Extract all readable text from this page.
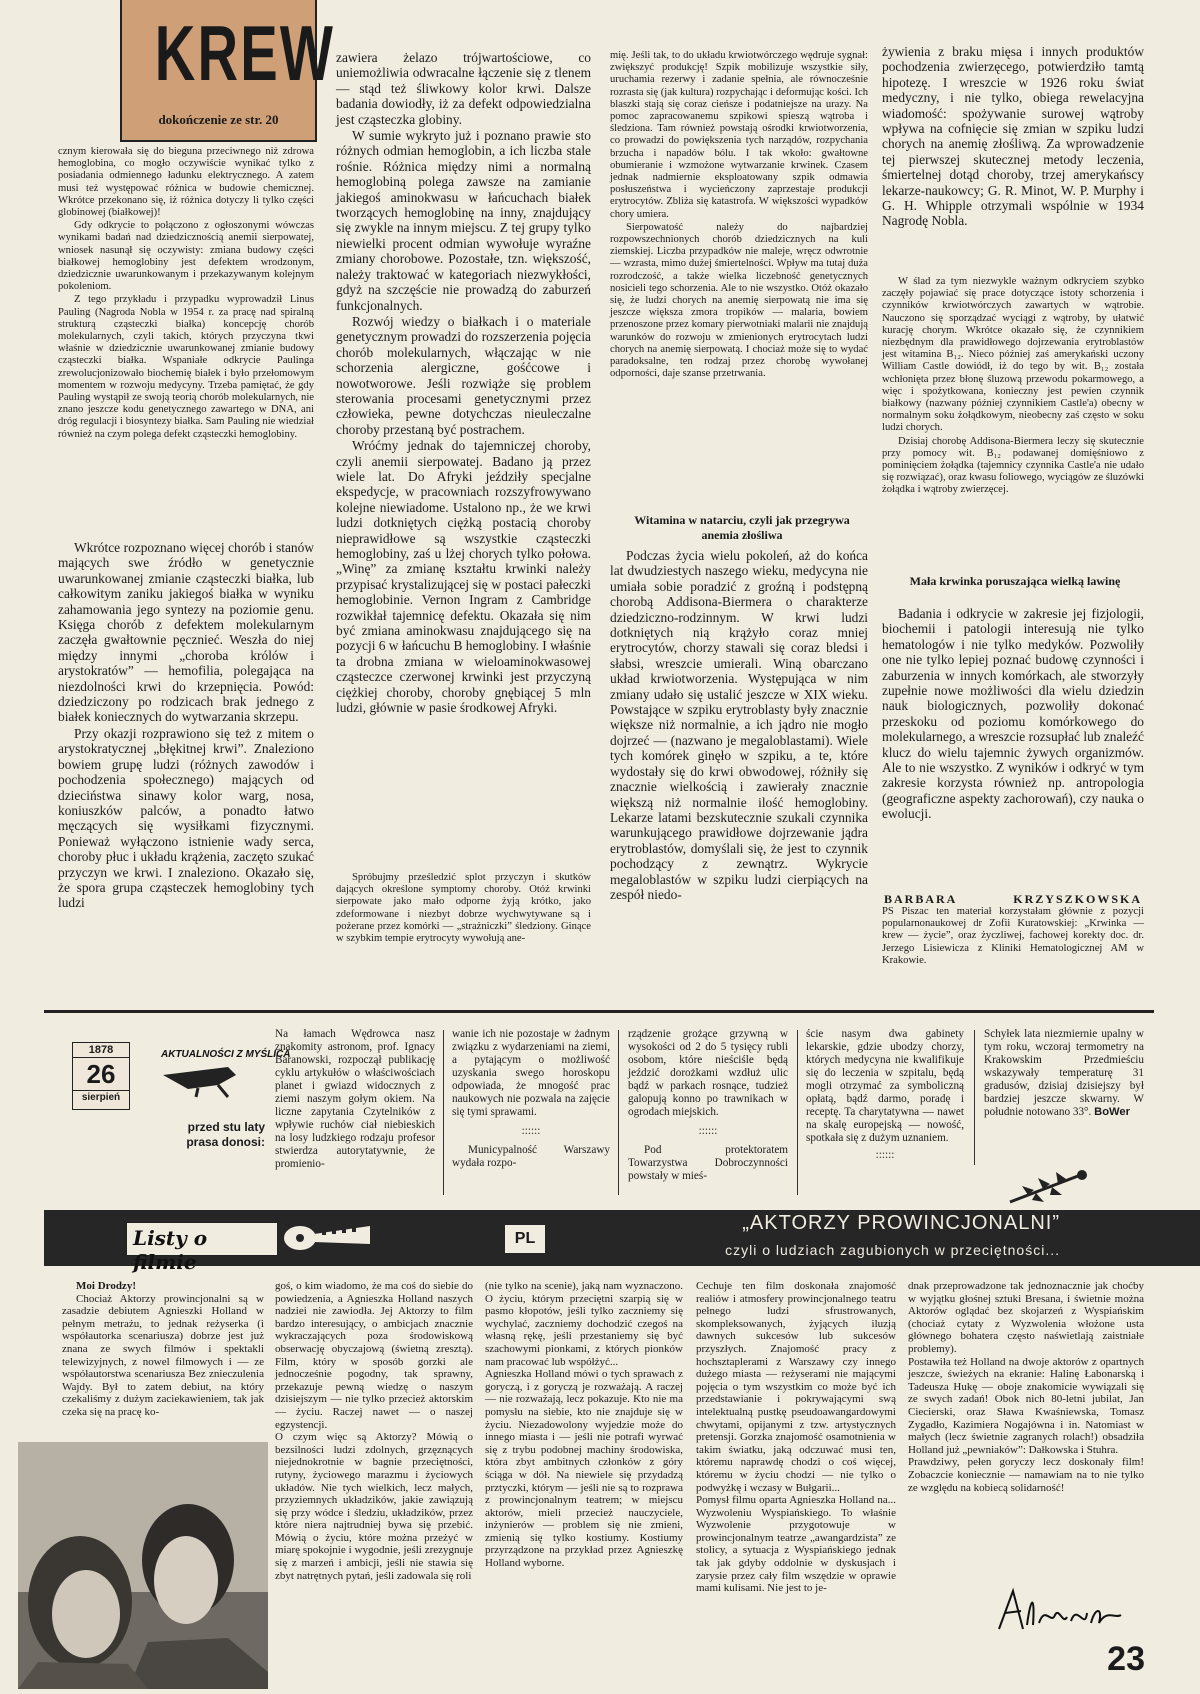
KREW
dokończenie ze str. 20

cznym kierowała się do bieguna przeciwnego niż zdrowa hemoglobina, co mogło oczywiście wynikać tylko z posiadania odmiennego ładunku elektrycznego. A zatem musi też występować różnica w budowie chemicznej. Wkrótce przekonano się, iż różnica dotyczy li tylko części globinowej (białkowej)!

Gdy odkrycie to połączono z ogłoszonymi wówczas wynikami badań nad dziedzicznością anemii sierpowatej, wniosek nasunął się oczywisty: zmiana budowy części białkowej hemoglobiny jest defektem wrodzonym, dziedzicznie uwarunkowanym i przekazywanym kolejnym pokoleniom.

Z tego przykładu i przypadku wyprowadził Linus Pauling (Nagroda Nobla w 1954 r. za pracę nad spiralną strukturą cząsteczki białka) koncepcję chorób molekularnych, czyli takich, których przyczyna tkwi właśnie w dziedzicznie uwarunkowanej zmianie budowy cząsteczki białka. Wspaniałe odkrycie Paulinga zrewolucjonizowało biochemię białek i było przełomowym momentem w rozwoju medycyny. Trzeba pamiętać, że gdy Pauling wystąpił ze swoją teorią chorób molekularnych, nie znano jeszcze kodu genetycznego zawartego w DNA, ani dróg regulacji i biosyntezy białka. Sam Pauling nie wiedział również na czym polega defekt cząsteczki hemoglobiny.

Wkrótce rozpoznano więcej chorób i stanów mających swe źródło w genetycznie uwarunkowanej zmianie cząsteczki białka, lub całkowitym zaniku jakiegoś białka w wyniku zahamowania jego syntezy na poziomie genu. Księga chorób z defektem molekularnym zaczęła gwałtownie pęcznieć. Weszła do niej między innymi „choroba królów i arystokratów” — hemofilia, polegająca na niezdolności krwi do krzepnięcia. Powód: dziedziczony po rodzicach brak jednego z białek koniecznych do wytwarzania skrzepu.

Przy okazji rozprawiono się też z mitem o arystokratycznej „błękitnej krwi”. Znaleziono bowiem grupę ludzi (różnych zawodów i pochodzenia społecznego) mających od dzieciństwa sinawy kolor warg, nosa, koniuszków palców, a ponadto łatwo męczących się wysiłkami fizycznymi. Ponieważ wyłączono istnienie wady serca, choroby płuc i układu krążenia, zaczęto szukać przyczyn we krwi. I znaleziono. Okazało się, że spora grupa cząsteczek hemoglobiny tych ludzi

zawiera żelazo trójwartościowe, co uniemożliwia odwracalne łączenie się z tlenem — stąd też śliwkowy kolor krwi. Dalsze badania dowiodły, iż za defekt odpowiedzialna jest cząsteczka globiny.

W sumie wykryto już i poznano prawie sto różnych odmian hemoglobin, a ich liczba stale rośnie. Różnica między nimi a normalną hemoglobiną polega zawsze na zamianie jakiegoś aminokwasu w łańcuchach białek tworzących hemoglobinę na inny, znajdujący się zwykle na innym miejscu. Z tej grupy tylko niewielki procent odmian wywołuje wyraźne zmiany chorobowe. Pozostałe, tzn. większość, należy traktować w kategoriach niezwykłości, gdyż na szczęście nie prowadzą do zaburzeń funkcjonalnych.

Rozwój wiedzy o białkach i o materiale genetycznym prowadzi do rozszerzenia pojęcia chorób molekularnych, włączając w nie schorzenia alergiczne, gośćcowe i nowotworowe. Jeśli rozwiąże się problem sterowania procesami genetycznymi przez człowieka, pewne dotychczas nieuleczalne choroby przestaną być postrachem.

Wróćmy jednak do tajemniczej choroby, czyli anemii sierpowatej. Badano ją przez wiele lat. Do Afryki jeździły specjalne ekspedycje, w pracowniach rozszyfrowywano kolejne niewiadome. Ustalono np., że we krwi ludzi dotkniętych ciężką postacią choroby nieprawidłowe są wszystkie cząsteczki hemoglobiny, zaś u lżej chorych tylko połowa. „Winę” za zmianę kształtu krwinki należy przypisać krystalizującej się w postaci pałeczki hemoglobinie. Vernon Ingram z Cambridge rozwikłał tajemnicę defektu. Okazała się nim być zmiana aminokwasu znajdującego się na pozycji 6 w łańcuchu B hemoglobiny. I właśnie ta drobna zmiana w wieloaminokwasowej cząsteczce czerwonej krwinki jest przyczyną ciężkiej choroby, choroby gnębiącej 5 mln ludzi, głównie w pasie środkowej Afryki.

Spróbujmy prześledzić splot przyczyn i skutków dających określone symptomy choroby. Otóż krwinki sierpowate jako mało odporne żyją krótko, jako zdeformowane i niezbyt dobrze wychwytywane są i pożerane przez komórki — „strażniczki” śledziony. Ginące w szybkim tempie erytrocyty wywołują ane-

mię. Jeśli tak, to do układu krwiotwórczego wędruje sygnał: zwiększyć produkcję! Szpik mobilizuje wszystkie siły, uruchamia rezerwy i zadanie spełnia, ale równocześnie rozrasta się (jak kultura) rozpychając i deformując kości. Ich blaszki stają się coraz cieńsze i podatniejsze na urazy. Na pomoc zapracowanemu szpikowi spieszą wątroba i śledziona. Tam również powstają ośrodki krwiotworzenia, co prowadzi do powiększenia tych narządów, rozpychania brzucha i napadów bólu. I tak wkoło: gwałtowne obumieranie i wzmożone wytwarzanie krwinek. Czasem jednak nadmiernie eksploatowany szpik odmawia posłuszeństwa i wycieńczony zaprzestaje produkcji erytrocytów. Zbliża się katastrofa. W większości wypadków chory umiera.

Sierpowatość należy do najbardziej rozpowszechnionych chorób dziedzicznych na kuli ziemskiej. Liczba przypadków nie maleje, wręcz odwrotnie — wzrasta, mimo dużej śmiertelności. Wpływ ma tutaj duża rozrodczość, a także wielka liczebność genetycznych nosicieli tego schorzenia. Ale to nie wszystko. Otóż okazało się, że ludzi chorych na anemię sierpowatą nie ima się jeszcze większa zmora tropików — malaria, bowiem przenoszone przez komary pierwotniaki malarii nie znajdują warunków do rozwoju w zmienionych erytrocytach ludzi chorych na anemię sierpowatą. I chociaż może się to wydać paradoksalne, ten rodzaj przez chorobę wywołanej odporności, daje szanse przetrwania.

Witamina w natarciu, czyli jak przegrywa anemia złośliwa

Podczas życia wielu pokoleń, aż do końca lat dwudziestych naszego wieku, medycyna nie umiała sobie poradzić z groźną i podstępną chorobą Addisona-Biermera o charakterze dziedziczno-rodzinnym. W krwi ludzi dotkniętych nią krążyło coraz mniej erytrocytów, chorzy stawali się coraz bledsi i słabsi, wreszcie umierali. Winą obarczano układ krwiotworzenia. Występująca w nim zmiany udało się ustalić jeszcze w XIX wieku. Powstające w szpiku erytroblasty były znacznie większe niż normalnie, a ich jądro nie mogło dojrzeć — (nazwano je megaloblastami). Wiele tych komórek ginęło w szpiku, a te, które wydostały się do krwi obwodowej, różniły się znacznie wielkością i zawierały znacznie większą niż normalnie ilość hemoglobiny. Lekarze latami bezskutecznie szukali czynnika warunkującego prawidłowe dojrzewanie jądra erytroblastów, domyślali się, że jest to czynnik pochodzący z zewnątrz. Wykrycie megaloblastów w szpiku ludzi cierpiących na zespół niedo-

żywienia z braku mięsa i innych produktów pochodzenia zwierzęcego, potwierdziło tamtą hipotezę. I wreszcie w 1926 roku świat medyczny, i nie tylko, obiega rewelacyjna wiadomość: spożywanie surowej wątroby wpływa na cofnięcie się zmian w szpiku ludzi chorych na anemię złośliwą. Za wprowadzenie tej pierwszej skutecznej metody leczenia, śmiertelnej dotąd choroby, trzej amerykańscy lekarze-naukowcy; G. R. Minot, W. P. Murphy i G. H. Whipple otrzymali wspólnie w 1934 Nagrodę Nobla.

W ślad za tym niezwykle ważnym odkryciem szybko zaczęły pojawiać się prace dotyczące istoty schorzenia i czynników krwiotwórczych zawartych w wątrobie. Nauczono się sporządzać wyciągi z wątroby, by ułatwić kurację chorym. Wkrótce okazało się, że czynnikiem niezbędnym dla prawidłowego dojrzewania erytroblastów jest witamina B₁₂. Nieco później zaś amerykański uczony William Castle dowiódł, iż do tego by wit. B₁₂ została wchłonięta przez błonę śluzową przewodu pokarmowego, a więc i spożytkowana, konieczny jest pewien czynnik białkowy (nazwany później czynnikiem Castle'a) obecny w normalnym soku żołądkowym, nieobecny zaś często w soku ludzi chorych.

Dzisiaj chorobę Addisona-Biermera leczy się skutecznie przy pomocy wit. B₁₂ podawanej domięśniowo z pominięciem żołądka (tajemnicy czynnika Castle'a nie udało się rozwiązać), oraz kwasu foliowego, wyciągów ze śluzówki żołądka i wątroby zwierzęcej.

Mała krwinka poruszająca wielką lawinę

Badania i odkrycie w zakresie jej fizjologii, biochemii i patologii interesują nie tylko hematologów i nie tylko medyków. Pozwoliły one nie tylko lepiej poznać budowę czynności i zaburzenia w innych komórkach, ale stworzyły zupełnie nowe możliwości dla wielu dziedzin nauk biologicznych, pozwoliły dokonać przeskoku od poziomu komórkowego do molekularnego, a wreszcie rozsupłać lub znaleźć klucz do wielu tajemnic żywych organizmów. Ale to nie wszystko. Z wyników i odkryć w tym zakresie korzysta również np. antropologia (geograficzne aspekty zachorowań), czy nauka o ewolucji.

BARBARA	KRZYSZKOWSKA

PS Piszac ten materiał korzystałam głównie z pozycji popularnonaukowej dr Zofii Kuratowskiej: „Krwinka — krew — życie”, oraz życzliwej, fachowej korekty doc. dr. Jerzego Lisiewicza z Kliniki Hematologicznej AM w Krakowie.

1878
26
sierpień
AKTUALNOŚCI Z MYŚLICA
przed stu laty prasa donosi:
Na łamach Wędrowca nasz znakomity astronom, prof. Ignacy Baranowski, rozpoczął publikację cyklu artykułów o właściwościach planet i gwiazd widocznych z ziemi naszym gołym okiem. Na liczne zapytania Czytelników z wpływie ruchów ciał niebieskich na losy ludzkiego rodzaju profesor stwierdza autorytatywnie, że promienio-
wanie ich nie pozostaje w żadnym związku z wydarzeniami na ziemi, a pytającym o możliwość uzyskania swego horoskopu odpowiada, że mnogość prac naukowych nie pozwala na zajęcie się tymi sprawami.
::::::
Municypalność Warszawy wydała rozpo-
rządzenie grożące grzywną w wysokości od 2 do 5 tysięcy rubli osobom, które nieściśle będą jeździć dorożkami wzdłuż ulic bądź w parkach rosnące, tudzież galopują konno po trawnikach w ogrodach miejskich.
::::::
Pod protektoratem Towarzystwa Dobroczynności powstały w mieś-
ście nasym dwa gabinety lekarskie, gdzie ubodzy chorzy, których medycyna nie kwalifikuje się do leczenia w szpitalu, będą mogli otrzymać za symboliczną opłatą, bądź darmo, poradę i receptę. Ta charytatywna — nawet na skalę europejską — nowość, spotkała się z dużym uznaniem.
::::::
Schyłek lata niezmiernie upalny w tym roku, wczoraj termometry na Krakowskim Przedmieściu wskazywały temperaturę 31 gradusów, dzisiaj dzisiejszy był bardziej jeszcze skwarny. W południe notowano 33°. BoWer
Listy o filmie
PL
„AKTORZY PROWINCJONALNI”
czyli o ludziach zagubionych w przeciętności...
Moi Drodzy!
Chociaż Aktorzy prowincjonalni są w zasadzie debiutem Agnieszki Holland w pełnym metrażu, to jednak reżyserka (i współautorka scenariusza) dobrze jest już znana ze swych filmów i spektakli telewizyjnych, z nowel filmowych i — ze współautorstwa scenariusza Bez znieczulenia Wajdy. Był to zatem debiut, na który czekaliśmy z dużym zaciekawieniem, tak jak czeka się na pracę ko-
goś, o kim wiadomo, że ma coś do siebie do powiedzenia, a Agnieszka Holland naszych nadziei nie zawiodła. Jej Aktorzy to film bardzo interesujący, o ambicjach znacznie wykraczających poza środowiskową obserwację obyczajową (świetną zresztą). Film, który w sposób gorzki ale jednocześnie pogodny, tak sprawny, przekazuje pewną wiedzę o naszym dzisiejszym — nie tylko przecież aktorskim — życiu. Raczej nawet — o naszej egzystencji.
O czym więc są Aktorzy? Mówią o bezsilności ludzi zdolnych, grzęznących niejednokrotnie w bagnie przeciętności, rutyny, życiowego marazmu i życiowych układów. Nie tych wielkich, lecz małych, przyziemnych układzików, jakie zawiązują się przy wódce i śledziu, układzików, przez które niera najtrudniej bywa się przebić. Mówią o życiu, które można przeżyć w miarę spokojnie i wygodnie, jeśli zrezygnuje się z marzeń i ambicji, jeśli nie stawia się zbyt natrętnych pytań, jeśli zadowala się roli
(nie tylko na scenie), jaką nam wyznaczono. O życiu, którym przeciętni szarpią się w pasmo kłopotów, jeśli tylko zaczniemy się wychylać, zaczniemy dochodzić czegoś na własną rękę, jeśli przestaniemy się być szachowymi pionkami, z których pionków nam pracować lub współżyć...
Agnieszka Holland mówi o tych sprawach z goryczą, i z goryczą je rozważają. A raczej — nie rozważają, lecz pokazuje. Kto nie ma pomysłu na siebie, kto nie znajduje się w życiu. Niezadowolony wyjedzie może do innego miasta i — jeśli nie potrafi wyrwać się z trybu podobnej machiny środowiska, która zbyt ambitnych członków z góry ściąga w dół. Na niewiele się przydadzą prztyczki, którym — jeśli nie są to rozprawa z prowincjonalnym teatrem; w miejscu aktorów, mieli przecież nauczyciele, inżynierów — problem się nie zmieni, zmienią się tylko kostiumy. Kostiumy przyrządzone na przykład przez Agnieszkę Holland wyborne.
Cechuje ten film doskonała znajomość realiów i atmosfery prowincjonalnego teatru pełnego ludzi sfrustrowanych, skompleksowanych, żyjących iluzją dawnych sukcesów lub sukcesów przyszłych. Znajomość pracy z hochsztaplerami z Warszawy czy innego dużego miasta — reżyserami nie mającymi pojęcia o tym wszystkim co może być ich przedstawianie i pokrywającymi swą intelektualną pustkę pseudoawangardowymi chwytami, opijanymi z tzw. artystycznych pretensji. Gorzka znajomość osamotnienia w takim światku, jaką odczuwać musi ten, któremu naprawdę chodzi o coś więcej, któremu w życiu chodzi — nie tylko o podwyżkę i wczasy w Bułgarii...
Pomysł filmu oparta Agnieszka Holland na... Wyzwoleniu Wyspiańskiego. To właśnie Wyzwolenie przygotowuje w prowincjonalnym teatrze „awangardzista” ze stolicy, a sytuacja z Wyspiańskiego jednak tak jak gdyby oddolnie w dyskusjach i zarysie przez cały film wszędzie w oprawie mami kulisami. Nie jest to je-
dnak przeprowadzone tak jednoznacznie jak choćby w wyjątku głośnej sztuki Bresana, i świetnie można Aktorów oglądać bez skojarzeń z Wyspiańskim (chociaż cytaty z Wyzwolenia włożone usta głównego bohatera często naświetlają zaistniałe problemy).
Postawiła też Holland na dwoje aktorów z opartnych jeszcze, świeżych na ekranie: Halinę Łabonarską i Tadeusza Hukę — oboje znakomicie wywiązali się ze swych zadań! Obok nich 80-letni jubilat, Jan Ciecierski, oraz Sława Kwaśniewska, Tomasz Zygadło, Kazimiera Nogajówna i in. Natomiast w małych (lecz świetnie zagranych rolach!) obsadziła Holland już „pewniaków”: Dałkowska i Stuhra.
Prawdziwy, pełen goryczy lecz doskonały film! Zobaczcie koniecznie — namawiam na to nie tylko ze względu na kobiecą solidarność!
23
